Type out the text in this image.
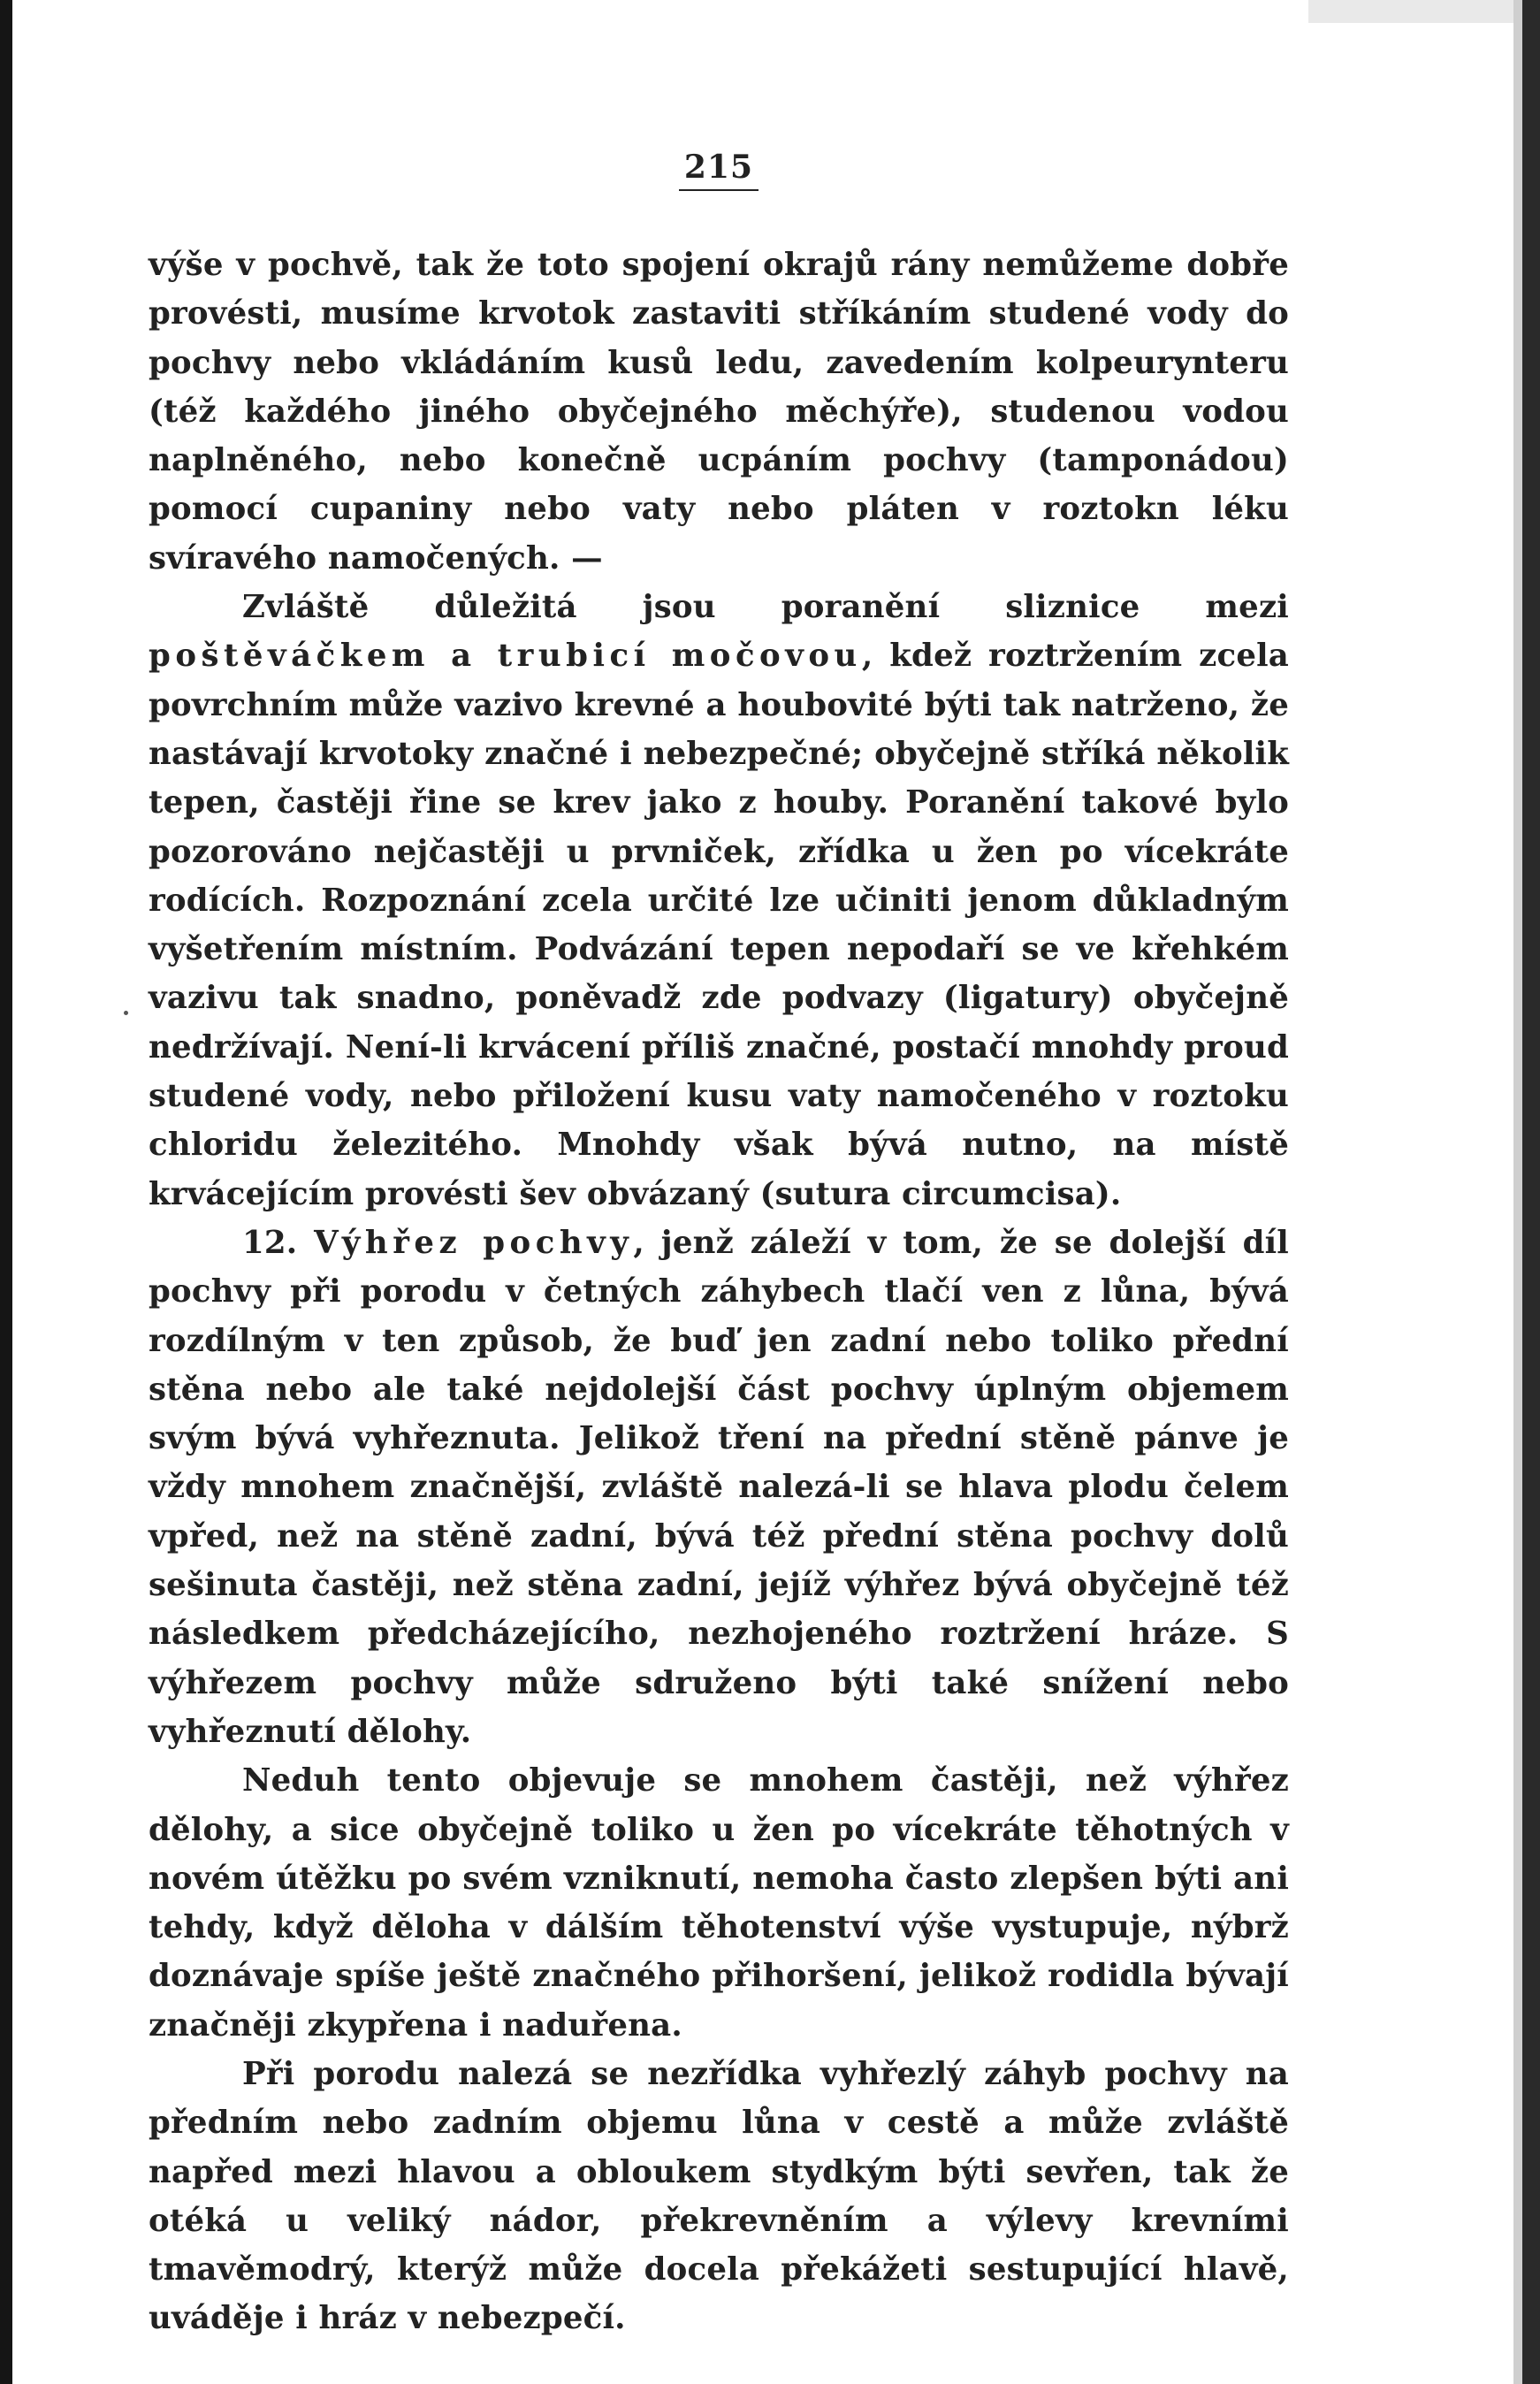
215

výše v pochvě, tak že toto spojení okrajů rány nemůžeme dobře provésti, musíme krvotok zastaviti stříkáním studené vody do pochvy nebo vkládáním kusů ledu, zavedením kolpeurynteru (též každého jiného obyčejného měchýře), studenou vodou naplněného, nebo konečně ucpáním pochvy (tamponádou) pomocí cupaniny nebo vaty nebo pláten v roztokn léku svíravého namočených. —

Zvláště důležitá jsou poranění sliznice mezi poštěváčkem a trubicí močovou, kdež roztržením zcela povrchním může vazivo krevné a houbovité býti tak natrženo, že nastávají krvotoky značné i nebezpečné; obyčejně stříká několik tepen, častěji řine se krev jako z houby. Poranění takové bylo pozorováno nejčastěji u prvniček, zřídka u žen po vícekráte rodících. Rozpoznání zcela určité lze učiniti jenom důkladným vyšetřením místním. Podvázání tepen nepodaří se ve křehkém vazivu tak snadno, poněvadž zde podvazy (ligatury) obyčejně nedržívají. Není-li krvácení příliš značné, postačí mnohdy proud studené vody, nebo přiložení kusu vaty namočeného v roztoku chloridu železitého. Mnohdy však bývá nutno, na místě krvácejícím provésti šev obvázaný (sutura circumcisa).

12. Výhřez pochvy, jenž záleží v tom, že se dolejší díl pochvy při porodu v četných záhybech tlačí ven z lůna, bývá rozdílným v ten způsob, že buď jen zadní nebo toliko přední stěna nebo ale také nejdolejší část pochvy úplným objemem svým bývá vyhřeznuta. Jelikož tření na přední stěně pánve je vždy mnohem značnější, zvláště nalezá-li se hlava plodu čelem vpřed, než na stěně zadní, bývá též přední stěna pochvy dolů sešinuta častěji, než stěna zadní, jejíž výhřez bývá obyčejně též následkem předcházejícího, nezhojeného roztržení hráze. S výhřezem pochvy může sdruženo býti také snížení nebo vyhřeznutí dělohy.

Neduh tento objevuje se mnohem častěji, než výhřez dělohy, a sice obyčejně toliko u žen po vícekráte těhotných v novém útěžku po svém vzniknutí, nemoha často zlepšen býti ani tehdy, když děloha v dálším těhotenství výše vystupuje, nýbrž doznávaje spíše ještě značného přihoršení, jelikož rodidla bývají značněji zkypřena i naduřena.

Při porodu nalezá se nezřídka vyhřezlý záhyb pochvy na předním nebo zadním objemu lůna v cestě a může zvláště napřed mezi hlavou a obloukem stydkým býti sevřen, tak že otéká u veliký nádor, překrevněním a výlevy krevními tmavěmodrý, kterýž může docela překážeti sestupující hlavě, uváděje i hráz v nebezpečí.
